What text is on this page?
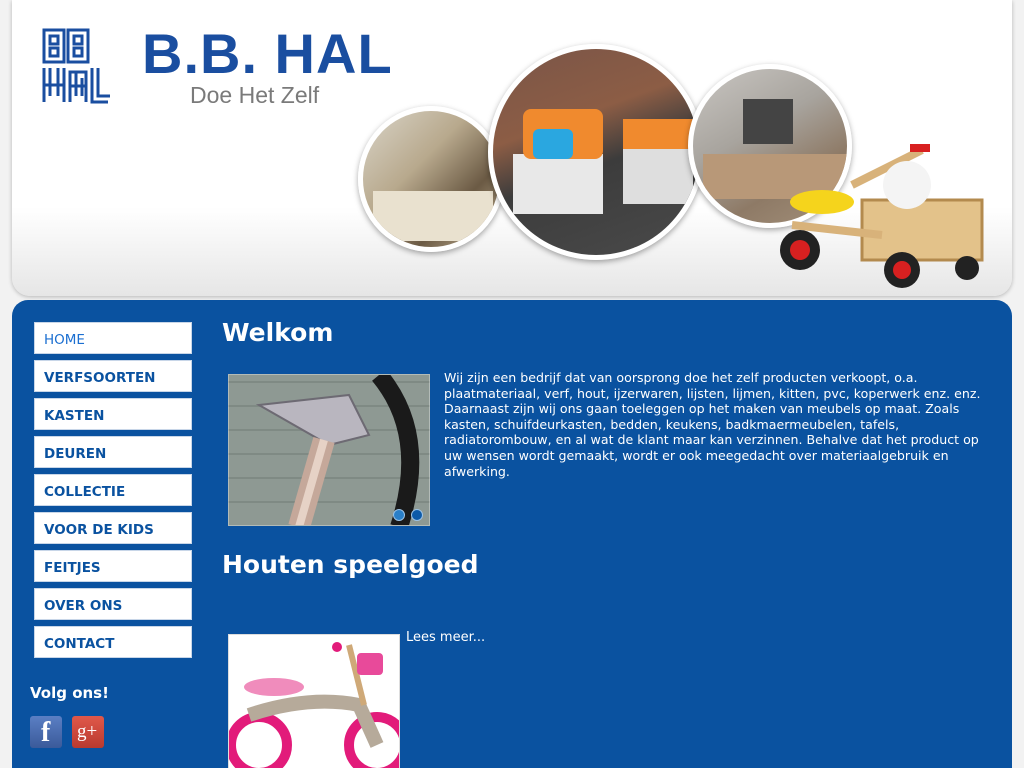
B.B. HAL
Doe Het Zelf
HOME
VERFSOORTEN
KASTEN
DEUREN
COLLECTIE
VOOR DE KIDS
FEITJES
OVER ONS
CONTACT
Volg ons!
f g+
Welkom

Wij zijn een bedrijf dat van oorsprong doe het zelf producten verkoopt, o.a. plaatmateriaal, verf, hout, ijzerwaren, lijsten, lijmen, kitten, pvc, koperwerk enz. enz. Daarnaast zijn wij ons gaan toeleggen op het maken van meubels op maat. Zoals kasten, schuifdeurkasten, bedden, keukens, badkmaermeubelen, tafels, radiatorombouw, en al wat de klant maar kan verzinnen. Behalve dat het product op uw wensen wordt gemaakt, wordt er ook meegedacht over materiaalgebruik en afwerking.

Houten speelgoed
Lees meer...
